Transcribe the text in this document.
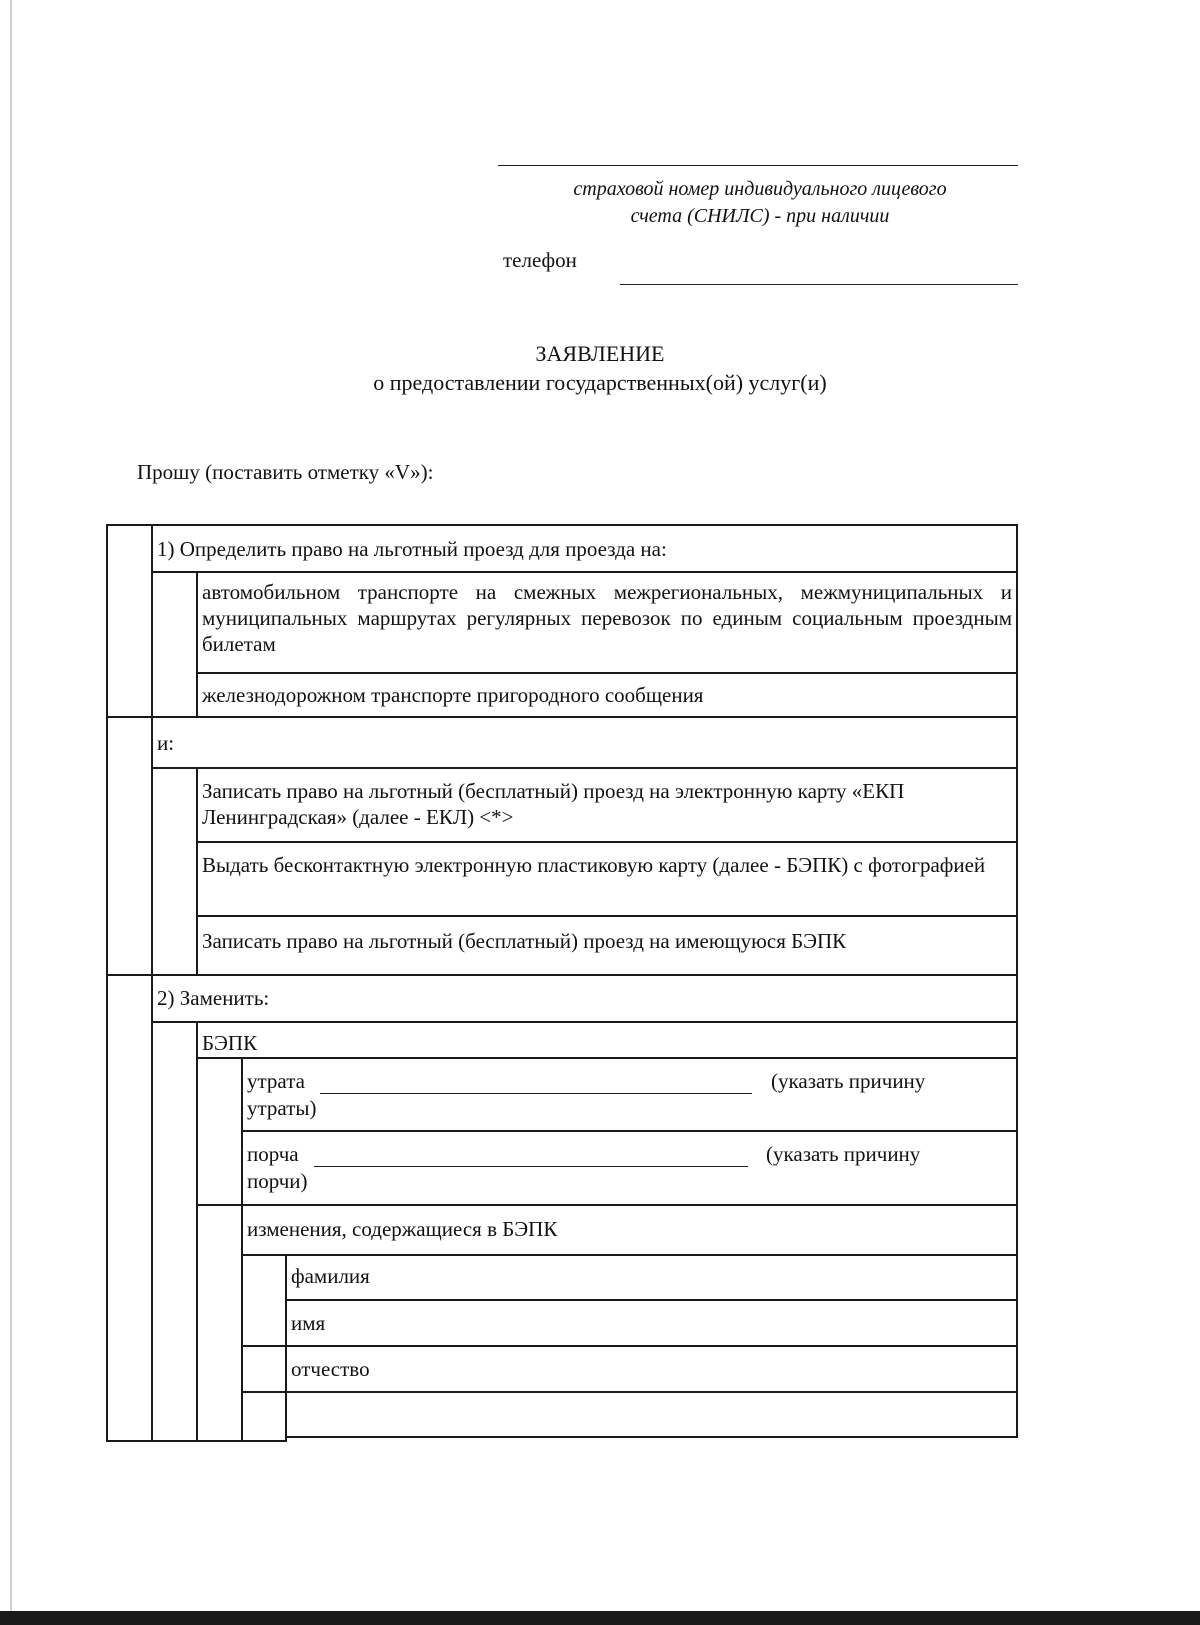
страховой номер индивидуального лицевого
счета (СНИЛС) - при наличии
телефон
ЗАЯВЛЕНИЕ
о предоставлении государственных(ой) услуг(и)
Прошу (поставить отметку «V»):
1) Определить право на льготный проезд для проезда на:
автомобильном транспорте на смежных межрегиональных, межмуниципальных и муниципальных маршрутах регулярных перевозок по единым социальным проездным билетам
железнодорожном транспорте пригородного сообщения
и:
Записать право на льготный (бесплатный) проезд на электронную карту «ЕКП Ленинградская» (далее - ЕКЛ) <*>
Выдать бесконтактную электронную пластиковую карту (далее - БЭПК) с фотографией
Записать право на льготный (бесплатный) проезд на имеющуюся БЭПК
2) Заменить:
БЭПК
утрата	(указать причину
утраты)
порча	(указать причину
порчи)
изменения, содержащиеся в БЭПК
фамилия
имя
отчество
